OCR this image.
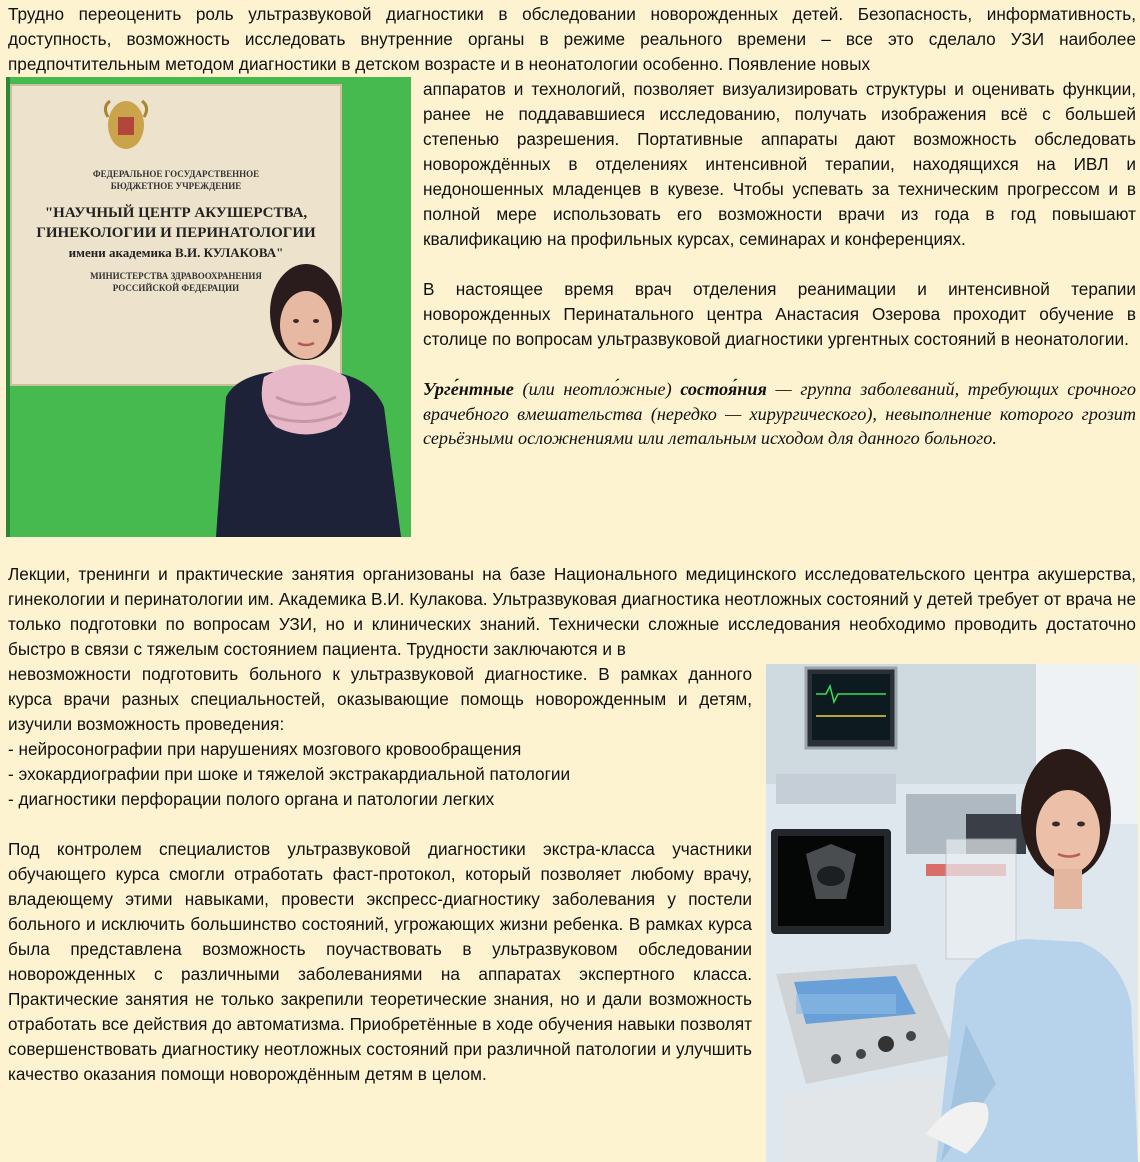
Трудно переоценить роль ультразвуковой диагностики в обследовании новорожденных детей. Безопасность, информативность, доступность, возможность исследовать внутренние органы в режиме реального времени – все это сделало УЗИ наиболее предпочтительным методом диагностики в детском возрасте и в неонатологии особенно. Появление новых

ФЕДЕРАЛЬНОЕ ГОСУДАРСТВЕННОЕ
БЮДЖЕТНОЕ УЧРЕЖДЕНИЕ
"НАУЧНЫЙ ЦЕНТР АКУШЕРСТВА,
ГИНЕКОЛОГИИ И ПЕРИНАТОЛОГИИ
имени академика В.И. КУЛАКОВА"
МИНИСТЕРСТВА ЗДРАВООХРАНЕНИЯ
РОССИЙСКОЙ ФЕДЕРАЦИИ

аппаратов и технологий, позволяет визуализировать структуры и оценивать функции, ранее не поддававшиеся исследованию, получать изображения всё с большей степенью разрешения. Портативные аппараты дают возможность обследовать новорождённых в отделениях интенсивной терапии, находящихся на ИВЛ и недоношенных младенцев в кувезе. Чтобы успевать за техническим прогрессом и в полной мере использовать его возможности врачи из года в год повышают квалификацию на профильных курсах, семинарах и конференциях.

В настоящее время врач отделения реанимации и интенсивной терапии новорожденных Перинатального центра Анастасия Озерова проходит обучение в столице по вопросам ультразвуковой диагностики ургентных состояний в неонатологии.

Урге́нтные (или неотло́жные) состоя́ния — группа заболеваний, требующих срочного врачебного вмешательства (нередко — хирургического), невыполнение которого грозит серьёзными осложнениями или летальным исходом для данного больного.

Лекции, тренинги и практические занятия организованы на базе Национального медицинского исследовательского центра акушерства, гинекологии и перинатологии им. Академика В.И. Кулакова. Ультразвуковая диагностика неотложных состояний у детей требует от врача не только подготовки по вопросам УЗИ, но и клинических знаний. Технически сложные исследования необходимо проводить достаточно быстро в связи с тяжелым состоянием пациента. Трудности заключаются и в

невозможности подготовить больного к ультразвуковой диагностике. В рамках данного курса врачи разных специальностей, оказывающие помощь новорожденным и детям, изучили возможность проведения:

- нейросонографии при нарушениях мозгового кровообращения

- эхокардиографии при шоке и тяжелой экстракардиальной патологии

- диагностики перфорации полого органа и патологии легких

Под контролем специалистов ультразвуковой диагностики экстра-класса участники обучающего курса смогли отработать фаст-протокол, который позволяет любому врачу, владеющему этими навыками, провести экспресс-диагностику заболевания у постели больного и исключить большинство состояний, угрожающих жизни ребенка. В рамках курса была представлена возможность поучаствовать в ультразвуковом обследовании новорожденных с различными заболеваниями на аппаратах экспертного класса. Практические занятия не только закрепили теоретические знания, но и дали возможность отработать все действия до автоматизма. Приобретённые в ходе обучения навыки позволят совершенствовать диагностику неотложных состояний при различной патологии и улучшить качество оказания помощи новорождённым детям в целом.
